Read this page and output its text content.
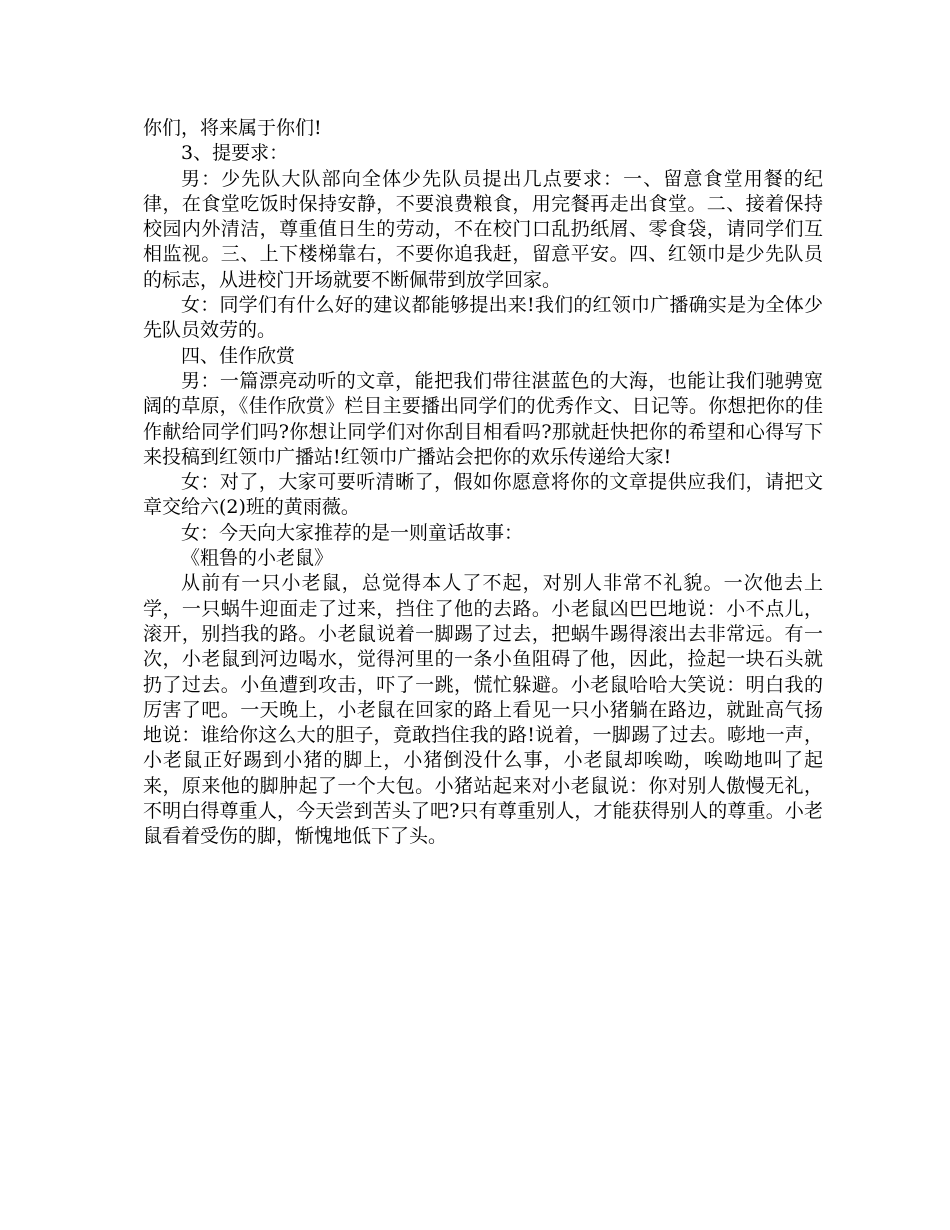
你们，将来属于你们!

3、提要求：

男：少先队大队部向全体少先队员提出几点要求：一、留意食堂用餐的纪律，在食堂吃饭时保持安静，不要浪费粮食，用完餐再走出食堂。二、接着保持校园内外清洁，尊重值日生的劳动，不在校门口乱扔纸屑、零食袋，请同学们互相监视。三、上下楼梯靠右，不要你追我赶，留意平安。四、红领巾是少先队员的标志，从进校门开场就要不断佩带到放学回家。

女：同学们有什么好的建议都能够提出来!我们的红领巾广播确实是为全体少先队员效劳的。

四、佳作欣赏

男：一篇漂亮动听的文章，能把我们带往湛蓝色的大海，也能让我们驰骋宽阔的草原，《佳作欣赏》栏目主要播出同学们的优秀作文、日记等。你想把你的佳作献给同学们吗?你想让同学们对你刮目相看吗?那就赶快把你的希望和心得写下来投稿到红领巾广播站!红领巾广播站会把你的欢乐传递给大家!

女：对了，大家可要听清晰了，假如你愿意将你的文章提供应我们，请把文章交给六(2)班的黄雨薇。

女：今天向大家推荐的是一则童话故事：

《粗鲁的小老鼠》

从前有一只小老鼠，总觉得本人了不起，对别人非常不礼貌。一次他去上学，一只蜗牛迎面走了过来，挡住了他的去路。小老鼠凶巴巴地说：小不点儿，滚开，别挡我的路。小老鼠说着一脚踢了过去，把蜗牛踢得滚出去非常远。有一次，小老鼠到河边喝水，觉得河里的一条小鱼阻碍了他，因此，捡起一块石头就扔了过去。小鱼遭到攻击，吓了一跳，慌忙躲避。小老鼠哈哈大笑说：明白我的厉害了吧。一天晚上，小老鼠在回家的路上看见一只小猪躺在路边，就趾高气扬地说：谁给你这么大的胆子，竟敢挡住我的路!说着，一脚踢了过去。嘭地一声，小老鼠正好踢到小猪的脚上，小猪倒没什么事，小老鼠却唉呦，唉呦地叫了起来，原来他的脚肿起了一个大包。小猪站起来对小老鼠说：你对别人傲慢无礼，不明白得尊重人，今天尝到苦头了吧?只有尊重别人，才能获得别人的尊重。小老鼠看着受伤的脚，惭愧地低下了头。
